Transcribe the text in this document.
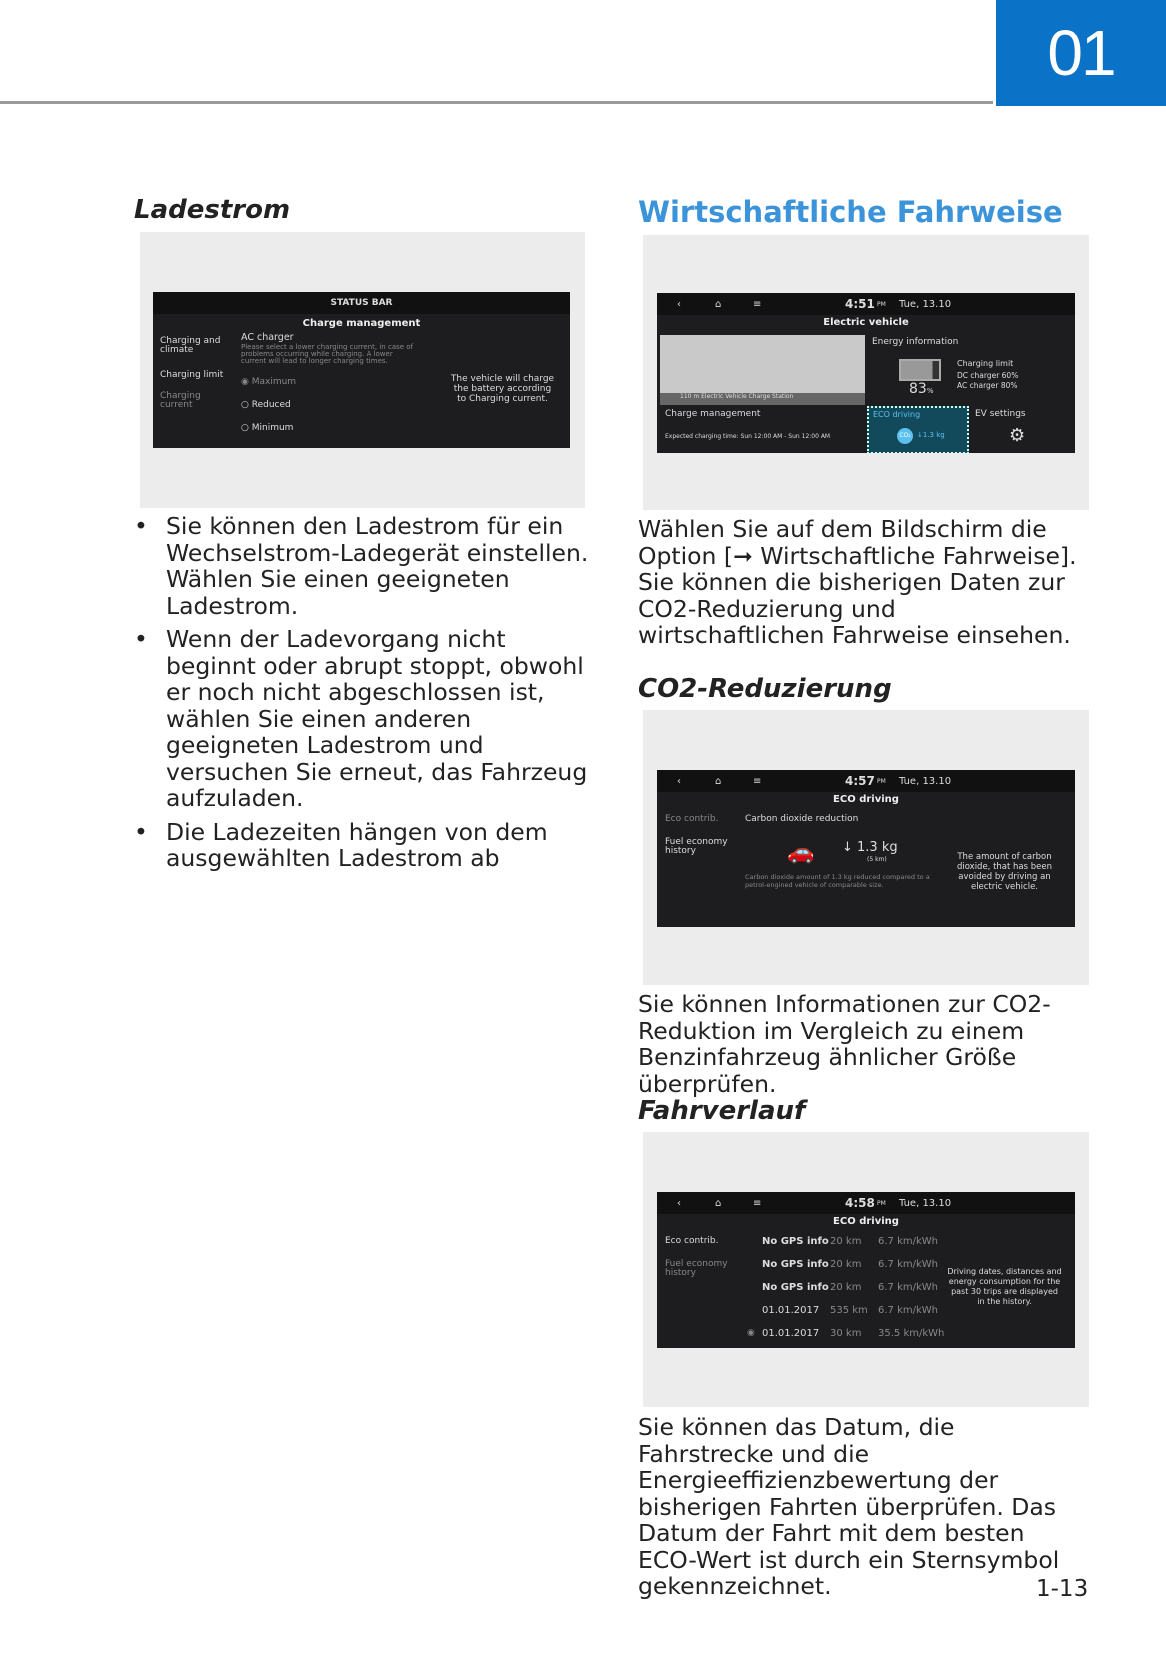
01
Ladestrom
STATUS BAR
Charge management
Charging and climate
Charging limit
Charging current
AC charger
Please select a lower charging current, in case of problems occurring while charging. A lower current will lead to longer charging times.
◉ Maximum
○ Reduced
○ Minimum
The vehicle will charge the battery according to Charging current.
• Sie können den Ladestrom für ein Wechselstrom-Ladegerät einstellen. Wählen Sie einen geeigneten Ladestrom.
• Wenn der Ladevorgang nicht beginnt oder abrupt stoppt, obwohl er noch nicht abgeschlossen ist, wählen Sie einen anderen geeigneten Ladestrom und versuchen Sie erneut, das Fahrzeug aufzuladen.
• Die Ladezeiten hängen von dem ausgewählten Ladestrom ab
Wirtschaftliche Fahrweise
‹	⌂	≡	4:51 PM Tue, 13.10
Electric vehicle
110 m Electric Vehicle Charge Station
Energy information
83%
Charging limit
DC charger 60%
AC charger 80%
Charge management
Expected charging time: Sun 12:00 AM - Sun 12:00 AM
ECO driving
CO₂ ↓1.3 kg
EV settings
⚙
Wählen Sie auf dem Bildschirm die Option [➞ Wirtschaftliche Fahrweise]. Sie können die bisherigen Daten zur CO2-Reduzierung und wirtschaftlichen Fahrweise einsehen.
CO2-Reduzierung
‹	⌂	≡	4:57 PM Tue, 13.10
ECO driving
Eco contrib.
Fuel economy history
Carbon dioxide reduction
🚗 ↓ 1.3 kg
(5 km)
Carbon dioxide amount of 1.3 kg reduced compared to a petrol-engined vehicle of comparable size.
The amount of carbon dioxide, that has been avoided by driving an electric vehicle.
Sie können Informationen zur CO2-Reduktion im Vergleich zu einem Benzinfahrzeug ähnlicher Größe überprüfen.
Fahrverlauf
‹	⌂	≡	4:58 PM Tue, 13.10
ECO driving
Eco contrib.
Fuel economy history
No GPS info 20 km	6.7 km/kWh
No GPS info 20 km	6.7 km/kWh
No GPS info 20 km	6.7 km/kWh
01.01.2017	535 km	6.7 km/kWh
◉ 01.01.2017	30 km	35.5 km/kWh
Driving dates, distances and energy consumption for the past 30 trips are displayed in the history.
Sie können das Datum, die Fahrstrecke und die Energieeffizienzbewertung der bisherigen Fahrten überprüfen. Das Datum der Fahrt mit dem besten ECO-Wert ist durch ein Sternsymbol gekennzeichnet.	1-13
